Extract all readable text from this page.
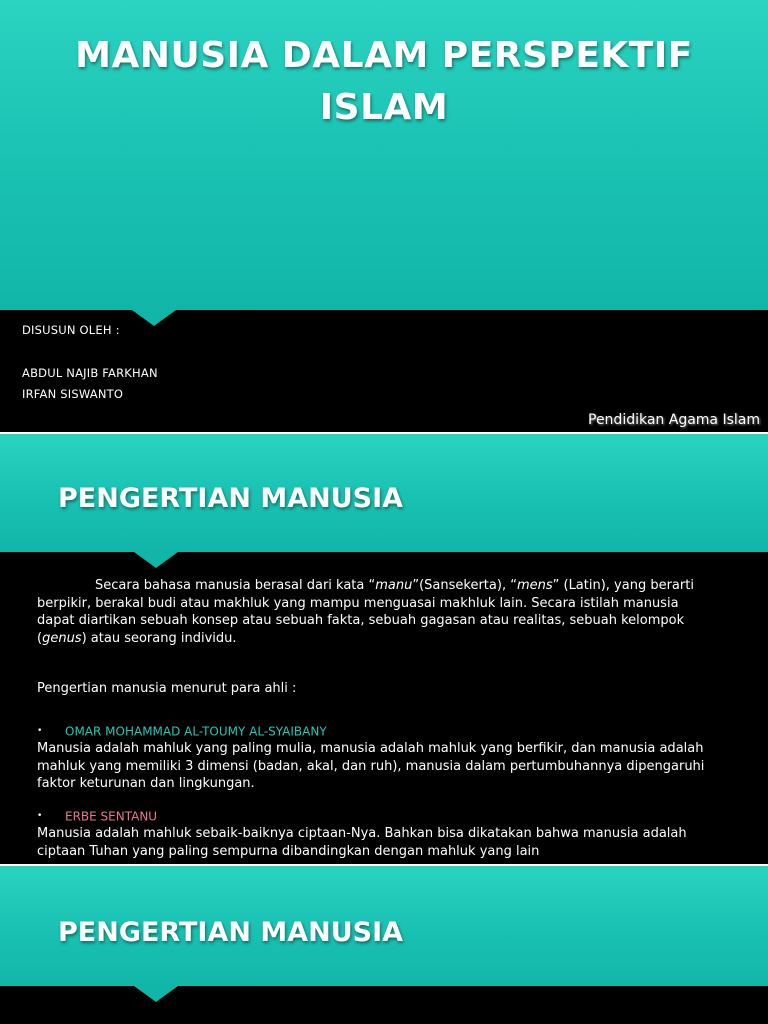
MANUSIA DALAM PERSPEKTIF
ISLAM

DISUSUN OLEH :

ABDUL NAJIB FARKHAN

IRFAN SISWANTO

Pendidikan Agama Islam

PENGERTIAN MANUSIA

Secara bahasa manusia berasal dari kata “manu”(Sansekerta), “mens” (Latin), yang berarti berpikir, berakal budi atau makhluk yang mampu menguasai makhluk lain. Secara istilah manusia dapat diartikan sebuah konsep atau sebuah fakta, sebuah gagasan atau realitas, sebuah kelompok (genus) atau seorang individu.

Pengertian manusia menurut para ahli :

• OMAR MOHAMMAD AL-TOUMY AL-SYAIBANY

Manusia adalah mahluk yang paling mulia, manusia adalah mahluk yang berfikir, dan manusia adalah mahluk yang memiliki 3 dimensi (badan, akal, dan ruh), manusia dalam pertumbuhannya dipengaruhi faktor keturunan dan lingkungan.

• ERBE SENTANU

Manusia adalah mahluk sebaik-baiknya ciptaan-Nya. Bahkan bisa dikatakan bahwa manusia adalah ciptaan Tuhan yang paling sempurna dibandingkan dengan mahluk yang lain

PENGERTIAN MANUSIA
